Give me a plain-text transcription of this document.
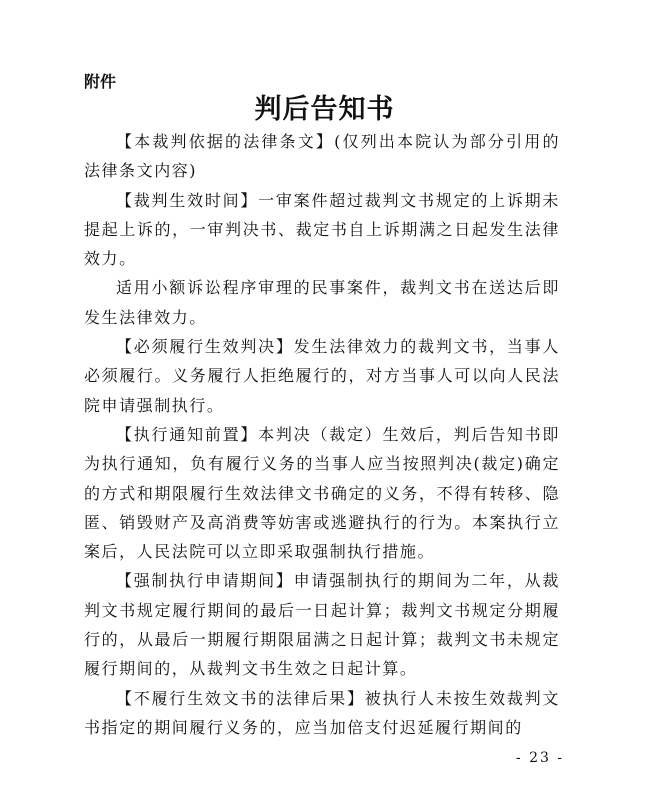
附件
判后告知书

【本裁判依据的法律条文】(仅列出本院认为部分引用的法律条文内容)

【裁判生效时间】一审案件超过裁判文书规定的上诉期未提起上诉的，一审判决书、裁定书自上诉期满之日起发生法律效力。

适用小额诉讼程序审理的民事案件，裁判文书在送达后即发生法律效力。

【必须履行生效判决】发生法律效力的裁判文书，当事人必须履行。义务履行人拒绝履行的，对方当事人可以向人民法院申请强制执行。

【执行通知前置】本判决（裁定）生效后，判后告知书即为执行通知，负有履行义务的当事人应当按照判决(裁定)确定的方式和期限履行生效法律文书确定的义务，不得有转移、隐匿、销毁财产及高消费等妨害或逃避执行的行为。本案执行立案后，人民法院可以立即采取强制执行措施。

【强制执行申请期间】申请强制执行的期间为二年，从裁判文书规定履行期间的最后一日起计算；裁判文书规定分期履行的，从最后一期履行期限届满之日起计算；裁判文书未规定履行期间的，从裁判文书生效之日起计算。

【不履行生效文书的法律后果】被执行人未按生效裁判文书指定的期间履行义务的，应当加倍支付迟延履行期间的

- 23 -
